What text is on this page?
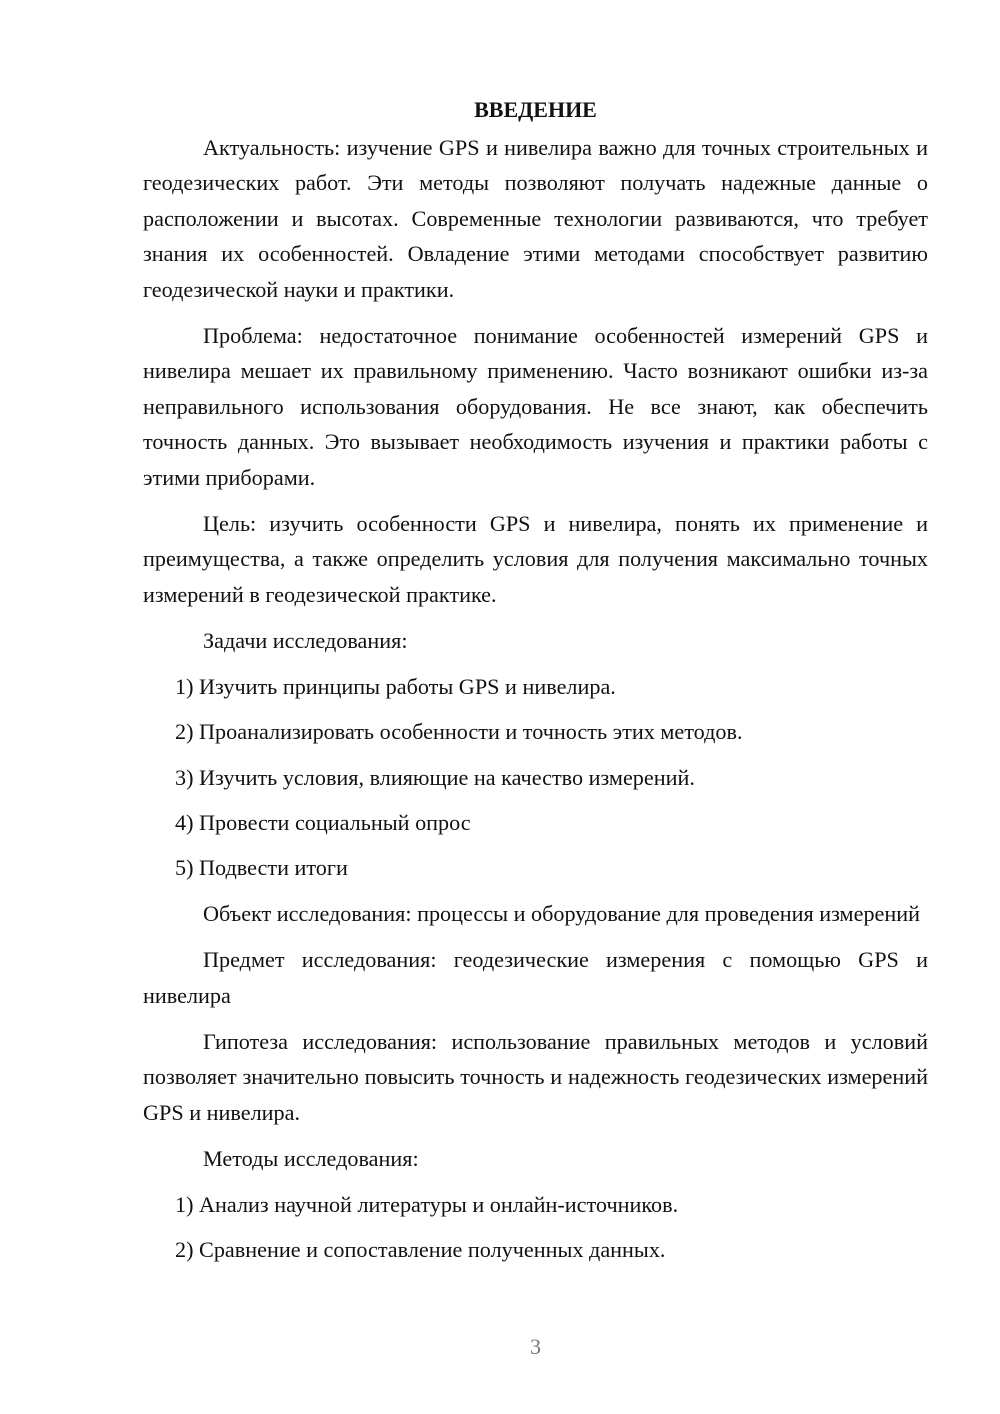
ВВЕДЕНИЕ

Актуальность: изучение GPS и нивелира важно для точных строительных и геодезических работ. Эти методы позволяют получать надежные данные о расположении и высотах. Современные технологии развиваются, что требует знания их особенностей. Овладение этими методами способствует развитию геодезической науки и практики.

Проблема: недостаточное понимание особенностей измерений GPS и нивелира мешает их правильному применению. Часто возникают ошибки из-за неправильного использования оборудования. Не все знают, как обеспечить точность данных. Это вызывает необходимость изучения и практики работы с этими приборами.

Цель: изучить особенности GPS и нивелира, понять их применение и преимущества, а также определить условия для получения максимально точных измерений в геодезической практике.

Задачи исследования:

1) Изучить принципы работы GPS и нивелира.
2) Проанализировать особенности и точность этих методов.
3) Изучить условия, влияющие на качество измерений.
4) Провести социальный опрос
5) Подвести итоги

Объект исследования: процессы и оборудование для проведения измерений

Предмет исследования: геодезические измерения с помощью GPS и нивелира

Гипотеза исследования: использование правильных методов и условий позволяет значительно повысить точность и надежность геодезических измерений GPS и нивелира.

Методы исследования:

1) Анализ научной литературы и онлайн-источников.
2) Сравнение и сопоставление полученных данных.
3
